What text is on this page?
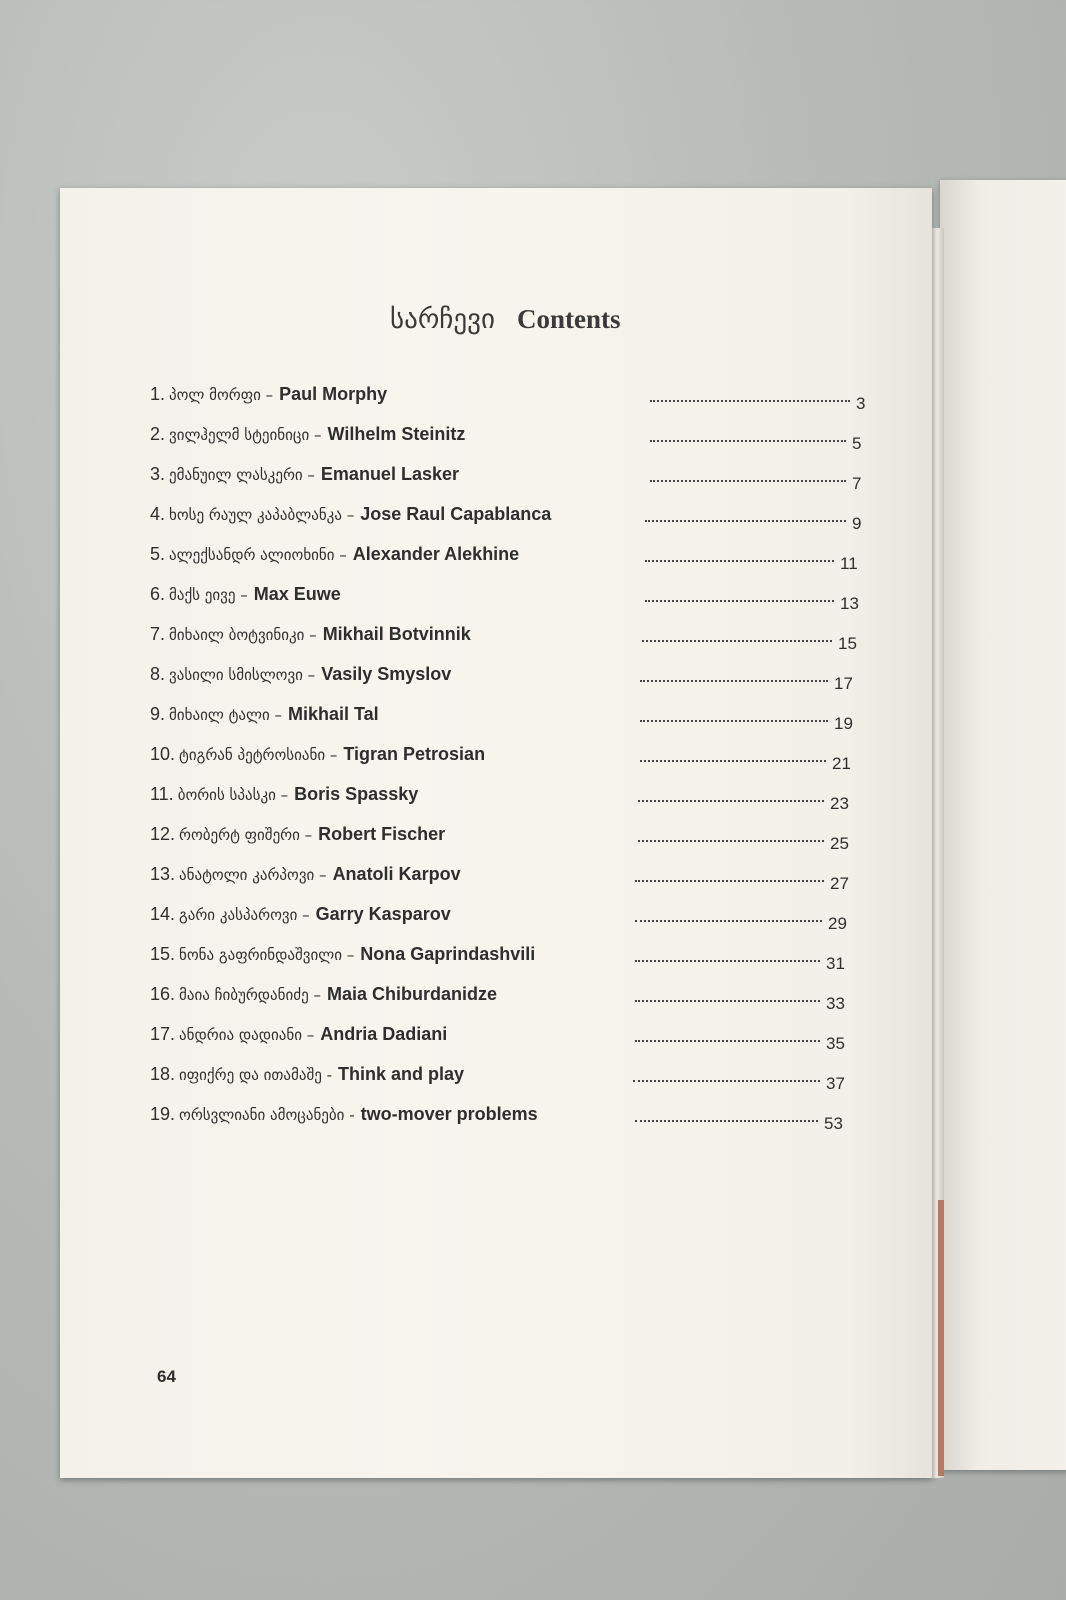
სარჩევი Contents
1. პოლ მორფი – Paul Morphy	3
2. ვილჰელმ სტეინიცი – Wilhelm Steinitz	5
3. ემანუილ ლასკერი – Emanuel Lasker	7
4. ხოსე რაულ კაპაბლანკა – Jose Raul Capablanca	9
5. ალექსანდრ ალიოხინი – Alexander Alekhine	11
6. მაქს ეივე – Max Euwe	13
7. მიხაილ ბოტვინიკი – Mikhail Botvinnik	15
8. ვასილი სმისლოვი – Vasily Smyslov	17
9. მიხაილ ტალი – Mikhail Tal	19
10. ტიგრან პეტროსიანი – Tigran Petrosian	21
11. ბორის სპასკი – Boris Spassky	23
12. რობერტ ფიშერი – Robert Fischer	25
13. ანატოლი კარპოვი – Anatoli Karpov	27
14. გარი კასპაროვი – Garry Kasparov	29
15. ნონა გაფრინდაშვილი – Nona Gaprindashvili	31
16. მაია ჩიბურდანიძე – Maia Chiburdanidze	33
17. ანდრია დადიანი – Andria Dadiani	35
18. იფიქრე და ითამაშე - Think and play	37
19. ორსვლიანი ამოცანები - two-mover problems	53
64
